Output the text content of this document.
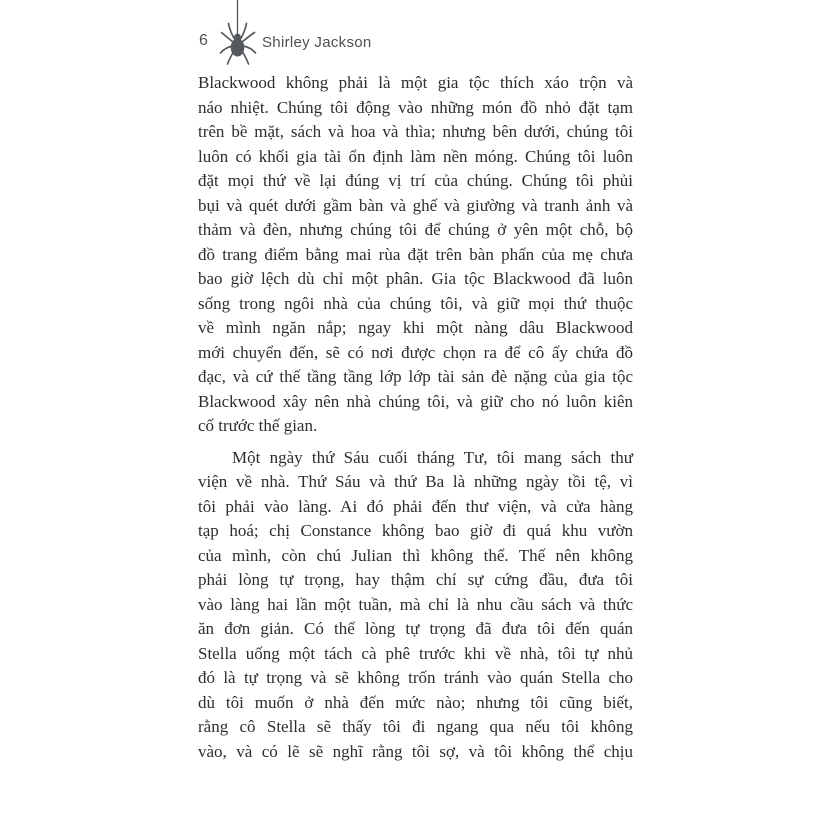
6	Shirley Jackson
Blackwood không phải là một gia tộc thích xáo trộn và
náo nhiệt. Chúng tôi động vào những món đồ nhỏ đặt tạm
trên bề mặt, sách và hoa và thìa; nhưng bên dưới, chúng tôi
luôn có khối gia tài ổn định làm nền móng. Chúng tôi luôn
đặt mọi thứ về lại đúng vị trí của chúng. Chúng tôi phủi
bụi và quét dưới gầm bàn và ghế và giường và tranh ảnh và
thảm và đèn, nhưng chúng tôi để chúng ở yên một chỗ, bộ
đồ trang điểm bằng mai rùa đặt trên bàn phấn của mẹ chưa
bao giờ lệch dù chỉ một phân. Gia tộc Blackwood đã luôn
sống trong ngôi nhà của chúng tôi, và giữ mọi thứ thuộc
về mình ngăn nắp; ngay khi một nàng dâu Blackwood
mới chuyển đến, sẽ có nơi được chọn ra để cô ấy chứa đồ
đạc, và cứ thế tầng tầng lớp lớp tài sản đè nặng của gia tộc
Blackwood xây nên nhà chúng tôi, và giữ cho nó luôn kiên
cố trước thế gian.
Một ngày thứ Sáu cuối tháng Tư, tôi mang sách thư
viện về nhà. Thứ Sáu và thứ Ba là những ngày tồi tệ, vì
tôi phải vào làng. Ai đó phải đến thư viện, và cửa hàng
tạp hoá; chị Constance không bao giờ đi quá khu vườn
của mình, còn chú Julian thì không thể. Thế nên không
phải lòng tự trọng, hay thậm chí sự cứng đầu, đưa tôi
vào làng hai lần một tuần, mà chỉ là nhu cầu sách và thức
ăn đơn giản. Có thể lòng tự trọng đã đưa tôi đến quán
Stella uống một tách cà phê trước khi về nhà, tôi tự nhủ
đó là tự trọng và sẽ không trốn tránh vào quán Stella cho
dù tôi muốn ở nhà đến mức nào; nhưng tôi cũng biết,
rằng cô Stella sẽ thấy tôi đi ngang qua nếu tôi không
vào, và có lẽ sẽ nghĩ rằng tôi sợ, và tôi không thể chịu
